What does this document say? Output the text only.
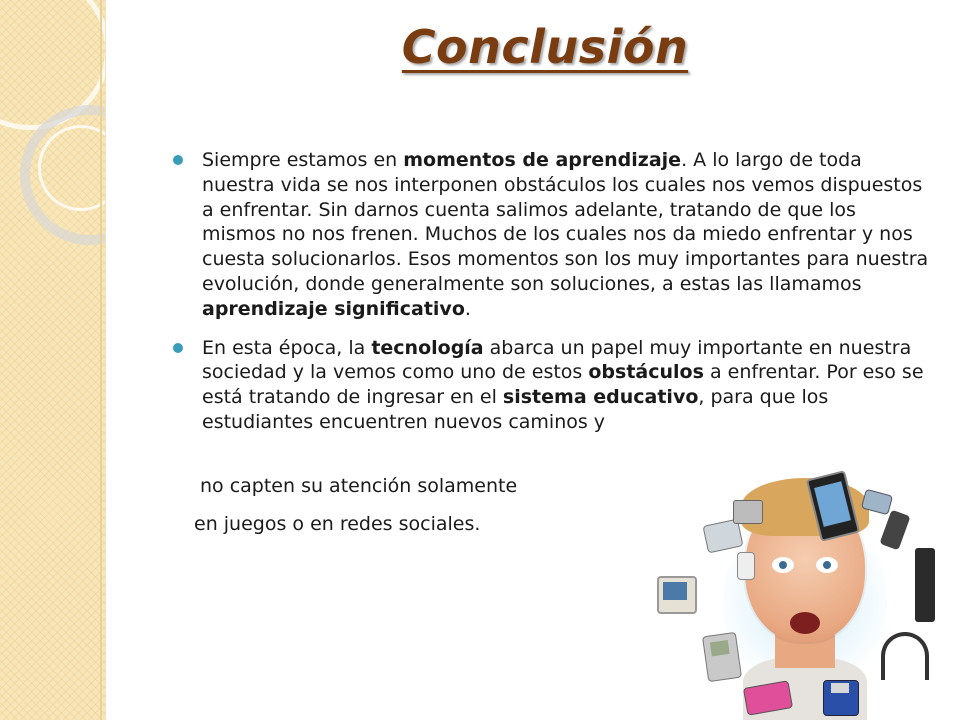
Conclusión
Siempre estamos en momentos de aprendizaje. A lo largo de toda nuestra vida se nos interponen obstáculos los cuales nos vemos dispuestos a enfrentar. Sin darnos cuenta salimos adelante, tratando de que los mismos no nos frenen. Muchos de los cuales nos da miedo enfrentar y nos cuesta solucionarlos. Esos momentos son los muy importantes para nuestra evolución, donde generalmente son soluciones, a estas las llamamos aprendizaje significativo.
En esta época, la tecnología abarca un papel muy importante en nuestra sociedad y la vemos como uno de estos obstáculos a enfrentar. Por eso se está tratando de ingresar en el sistema educativo, para que los estudiantes encuentren nuevos caminos y
no capten su atención solamente
en juegos o en redes sociales.
